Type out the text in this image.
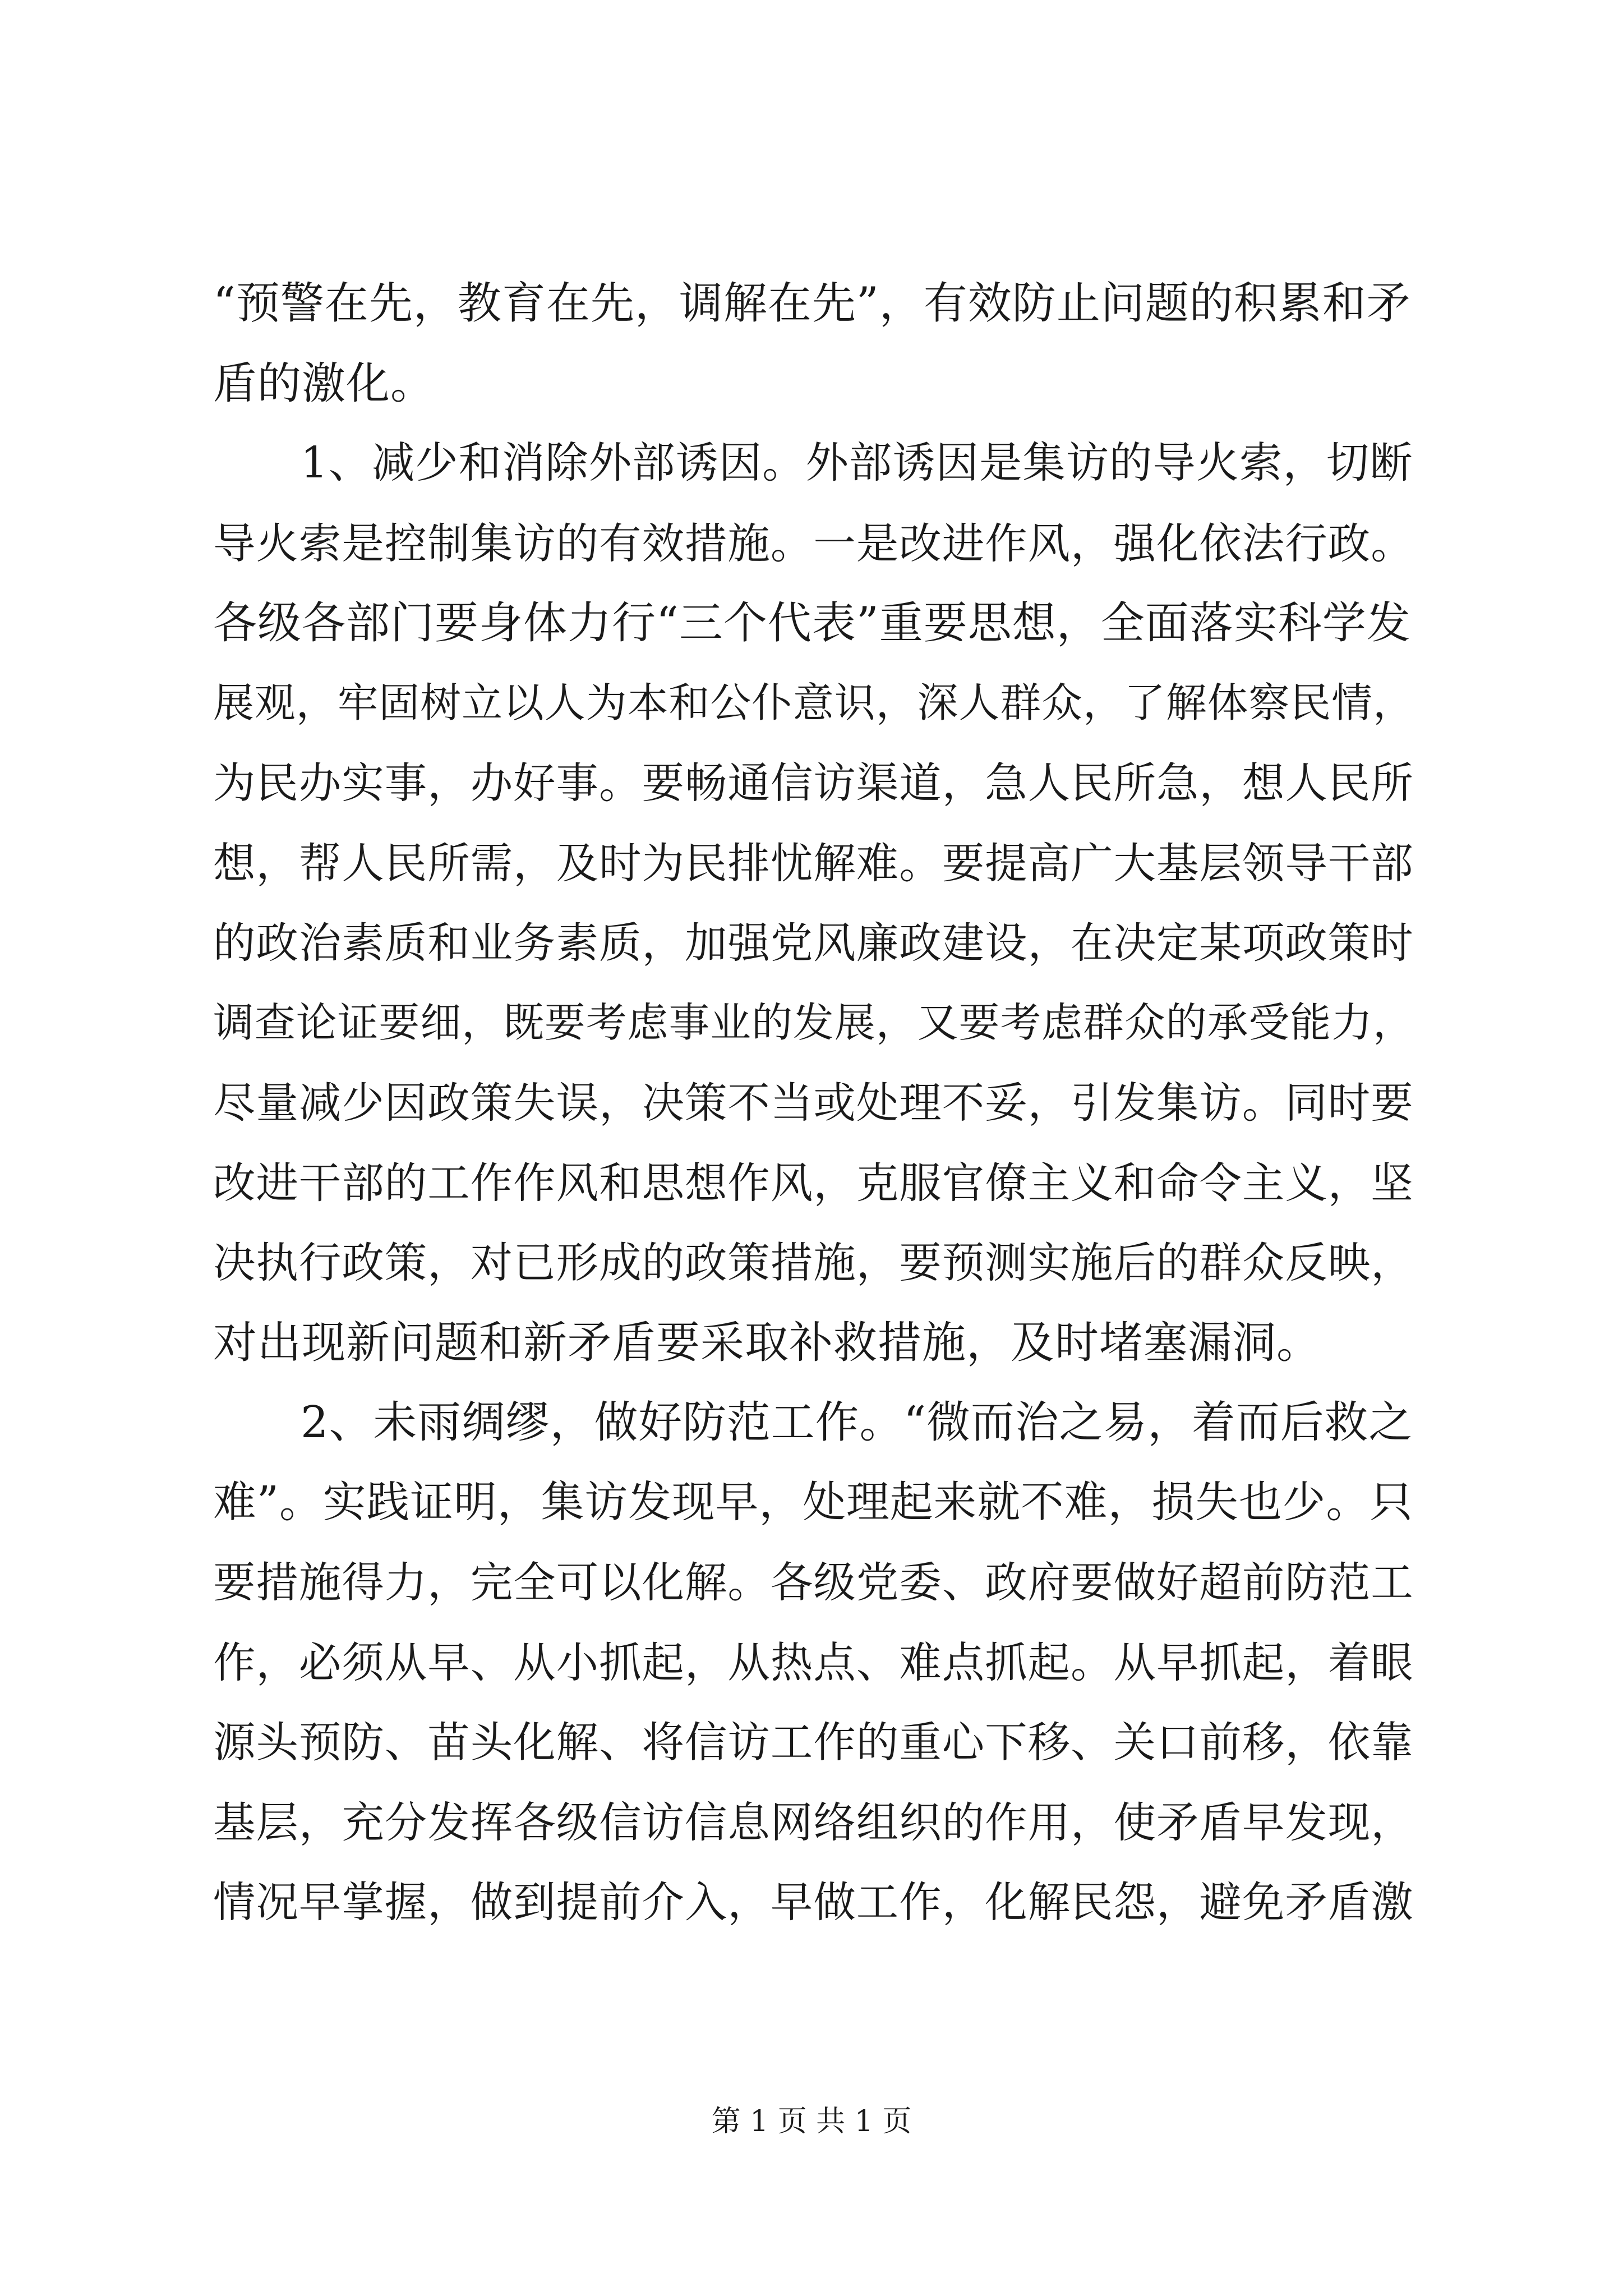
“预警在先，教育在先，调解在先”，有效防止问题的积累和矛
盾的激化。
1、减少和消除外部诱因。外部诱因是集访的导火索，切断
导火索是控制集访的有效措施。一是改进作风，强化依法行政。
各级各部门要身体力行“三个代表”重要思想，全面落实科学发
展观，牢固树立以人为本和公仆意识，深人群众，了解体察民情，
为民办实事，办好事。要畅通信访渠道，急人民所急，想人民所
想，帮人民所需，及时为民排忧解难。要提高广大基层领导干部
的政治素质和业务素质，加强党风廉政建设，在决定某项政策时
调查论证要细，既要考虑事业的发展，又要考虑群众的承受能力，
尽量减少因政策失误，决策不当或处理不妥，引发集访。同时要
改进干部的工作作风和思想作风，克服官僚主义和命令主义，坚
决执行政策，对已形成的政策措施，要预测实施后的群众反映，
对出现新问题和新矛盾要采取补救措施，及时堵塞漏洞。
2、未雨绸缪，做好防范工作。“微而治之易，着而后救之
难”。实践证明，集访发现早，处理起来就不难，损失也少。只
要措施得力，完全可以化解。各级党委、政府要做好超前防范工
作，必须从早、从小抓起，从热点、难点抓起。从早抓起，着眼
源头预防、苗头化解、将信访工作的重心下移、关口前移，依靠
基层，充分发挥各级信访信息网络组织的作用，使矛盾早发现，
情况早掌握，做到提前介入，早做工作，化解民怨，避免矛盾激
第 1 页 共 1 页
